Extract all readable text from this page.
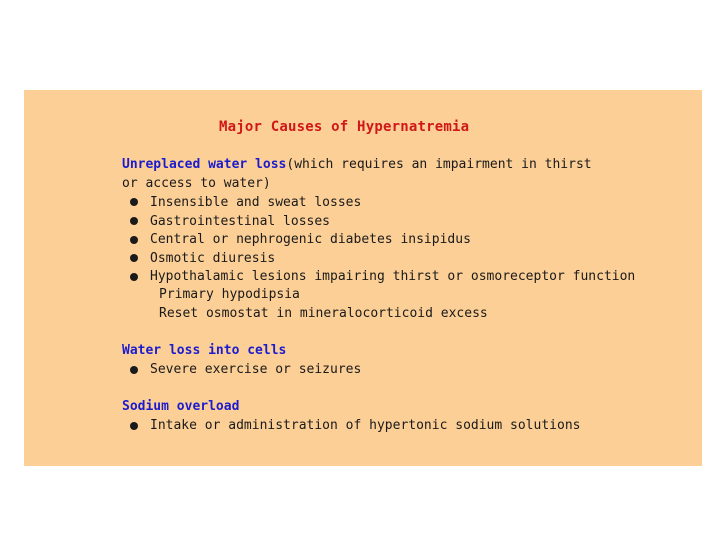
Major Causes of Hypernatremia
Unreplaced water loss(which requires an impairment in thirst
or access to water)
Insensible and sweat losses
Gastrointestinal losses
Central or nephrogenic diabetes insipidus
Osmotic diuresis
Hypothalamic lesions impairing thirst or osmoreceptor function
Primary hypodipsia
Reset osmostat in mineralocorticoid excess
Water loss into cells
Severe exercise or seizures
Sodium overload
Intake or administration of hypertonic sodium solutions
